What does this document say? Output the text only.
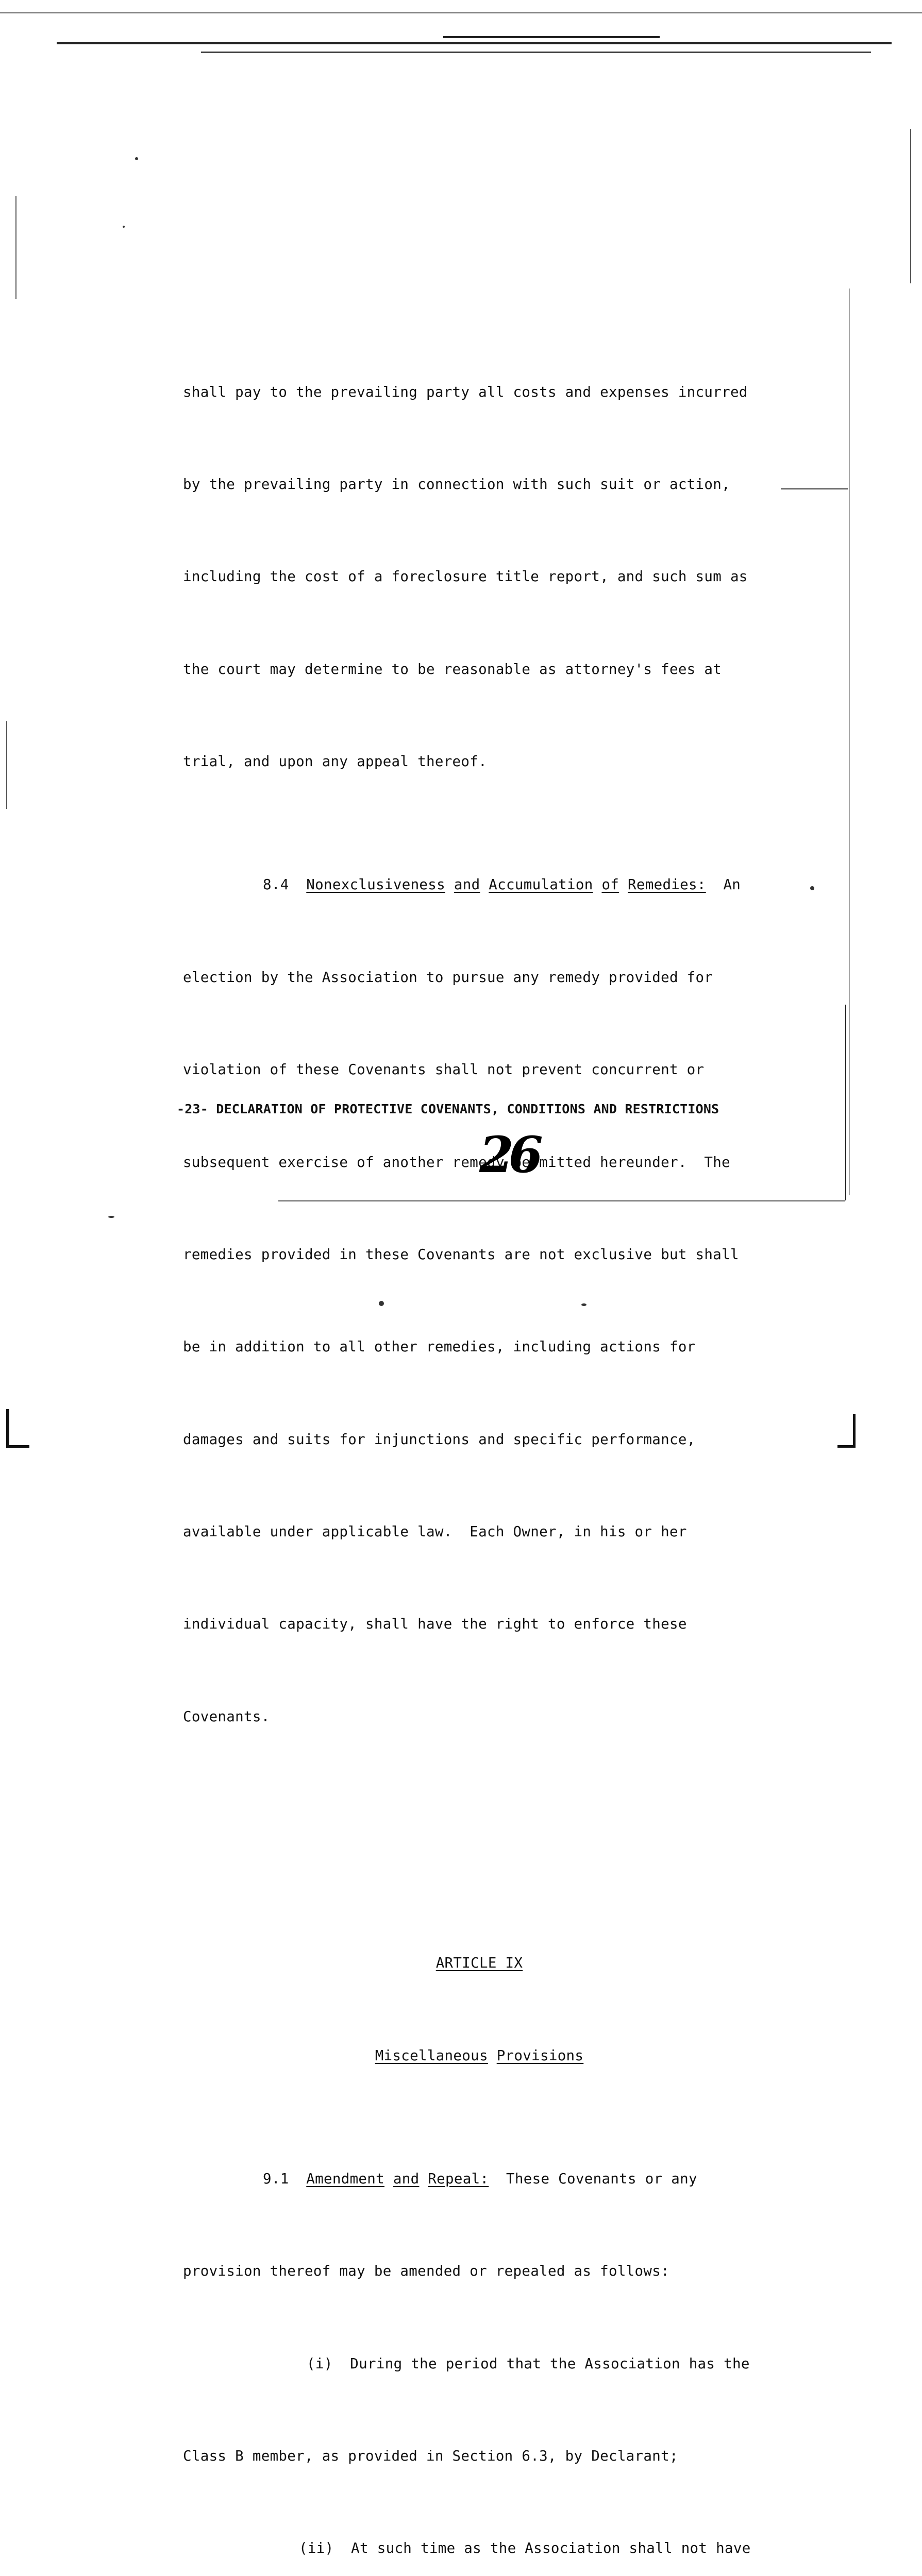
shall pay to the prevailing party all costs and expenses incurred

by the prevailing party in connection with such suit or action,

including the cost of a foreclosure title report, and such sum as

the court may determine to be reasonable as attorney's fees at

trial, and upon any appeal thereof.

8.4 Nonexclusiveness and Accumulation of Remedies: An

election by the Association to pursue any remedy provided for

violation of these Covenants shall not prevent concurrent or

subsequent exercise of another remedy permitted hereunder.  The

remedies provided in these Covenants are not exclusive but shall

be in addition to all other remedies, including actions for

damages and suits for injunctions and specific performance,

available under applicable law.  Each Owner, in his or her

individual capacity, shall have the right to enforce these

Covenants.

ARTICLE IX

Miscellaneous Provisions

9.1 Amendment and Repeal: These Covenants or any

provision thereof may be amended or repealed as follows:

(i) During the period that the Association has the

Class B member, as provided in Section 6.3, by Declarant;

(ii) At such time as the Association shall not have

-23- DECLARATION OF PROTECTIVE COVENANTS, CONDITIONS AND RESTRICTIONS
26
